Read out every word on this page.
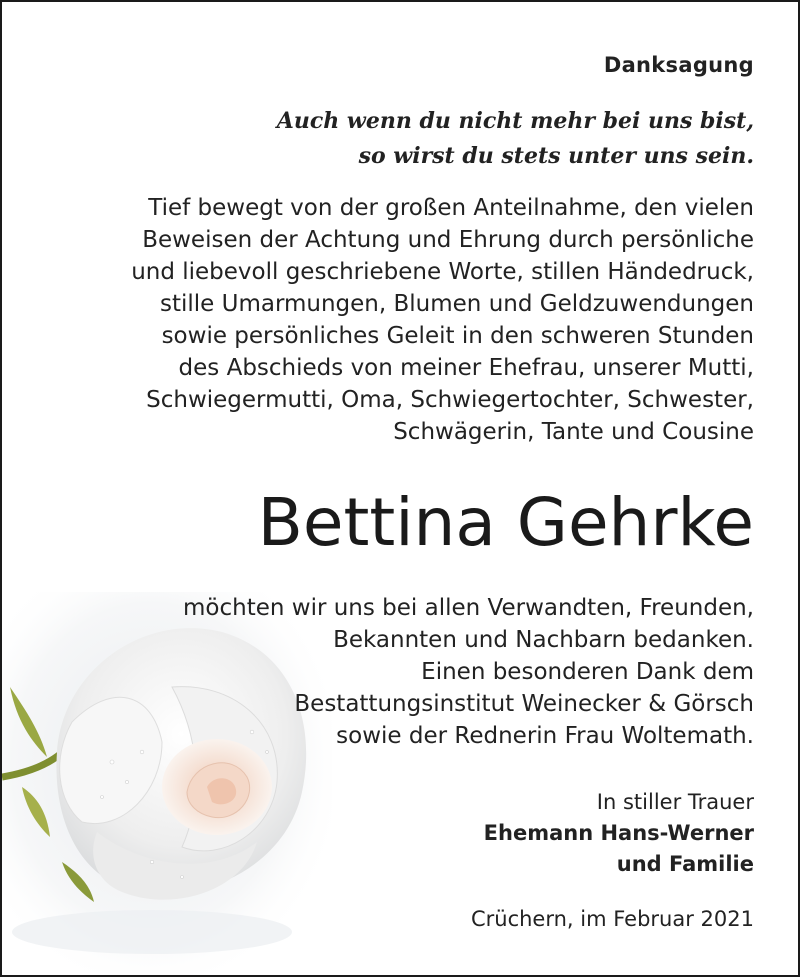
Danksagung
Auch wenn du nicht mehr bei uns bist,
so wirst du stets unter uns sein.
Tief bewegt von der großen Anteilnahme, den vielen
Beweisen der Achtung und Ehrung durch persönliche
und liebevoll geschriebene Worte, stillen Händedruck,
stille Umarmungen, Blumen und Geldzuwendungen
sowie persönliches Geleit in den schweren Stunden
des Abschieds von meiner Ehefrau, unserer Mutti,
Schwiegermutti, Oma, Schwiegertochter, Schwester,
Schwägerin, Tante und Cousine
Bettina Gehrke
möchten wir uns bei allen Verwandten, Freunden,
Bekannten und Nachbarn bedanken.
Einen besonderen Dank dem
Bestattungsinstitut Weinecker & Görsch
sowie der Rednerin Frau Woltemath.
In stiller Trauer
Ehemann Hans-Werner
und Familie
Crüchern, im Februar 2021
